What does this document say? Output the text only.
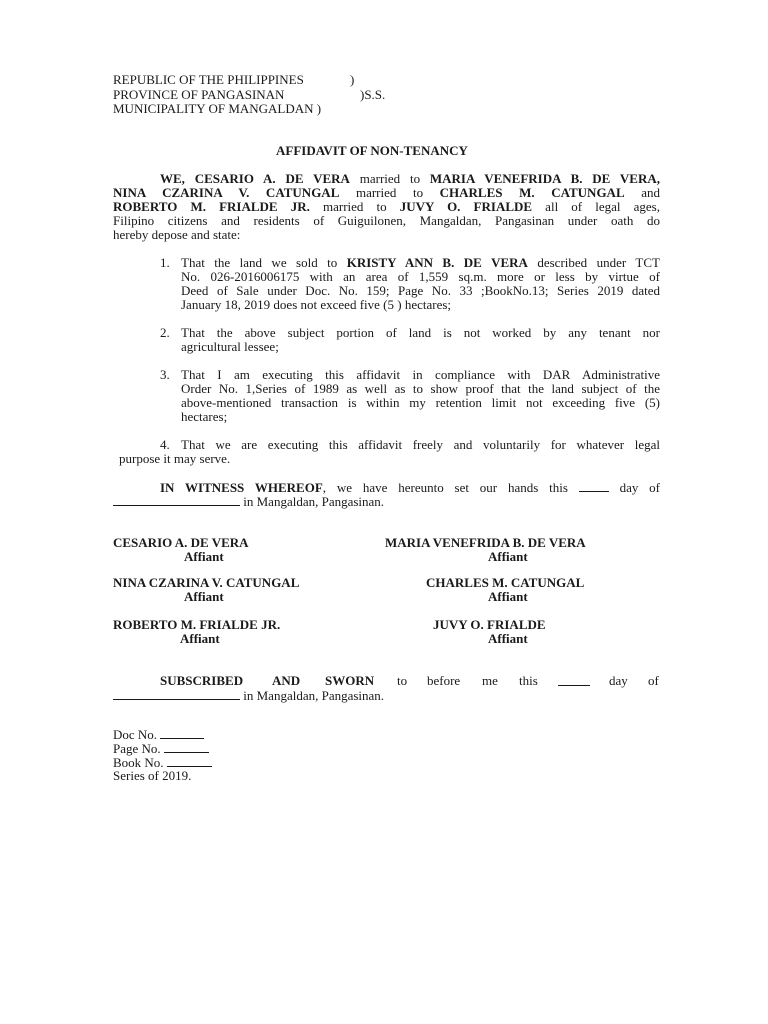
REPUBLIC OF THE PHILIPPINES	)
PROVINCE OF PANGASINAN	)S.S.
MUNICIPALITY OF MANGALDAN )
AFFIDAVIT OF NON-TENANCY
WE, CESARIO A. DE VERA married to MARIA VENEFRIDA B. DE VERA,
NINA CZARINA V. CATUNGAL married to CHARLES M. CATUNGAL and
ROBERTO M. FRIALDE JR. married to JUVY O. FRIALDE all of legal ages,
Filipino citizens and residents of Guiguilonen, Mangaldan, Pangasinan under oath do
hereby depose and state:
1. That the land we sold to KRISTY ANN B. DE VERA described under TCT
No. 026-2016006175 with an area of 1,559 sq.m. more or less by virtue of
Deed of Sale under Doc. No. 159; Page No. 33 ;BookNo.13; Series 2019 dated
January 18, 2019 does not exceed five (5 ) hectares;
2. That the above subject portion of land is not worked by any tenant nor
agricultural lessee;
3. That I am executing this affidavit in compliance with DAR Administrative
Order No. 1,Series of 1989 as well as to show proof that the land subject of the
above-mentioned transaction is within my retention limit not exceeding five (5)
hectares;
4. That we are executing this affidavit freely and voluntarily for whatever legal
purpose it may serve.
IN WITNESS WHEREOF, we have hereunto set our hands this  day of
in Mangaldan, Pangasinan.
CESARIO A. DE VERA
Affiant
MARIA VENEFRIDA B. DE VERA
Affiant
NINA CZARINA V. CATUNGAL
Affiant
CHARLES M. CATUNGAL
Affiant
ROBERTO M. FRIALDE JR.
Affiant
JUVY O. FRIALDE
Affiant
SUBSCRIBED AND SWORN to before me this	day of
in Mangaldan, Pangasinan.
Doc No.
Page No.
Book No.
Series of 2019.
